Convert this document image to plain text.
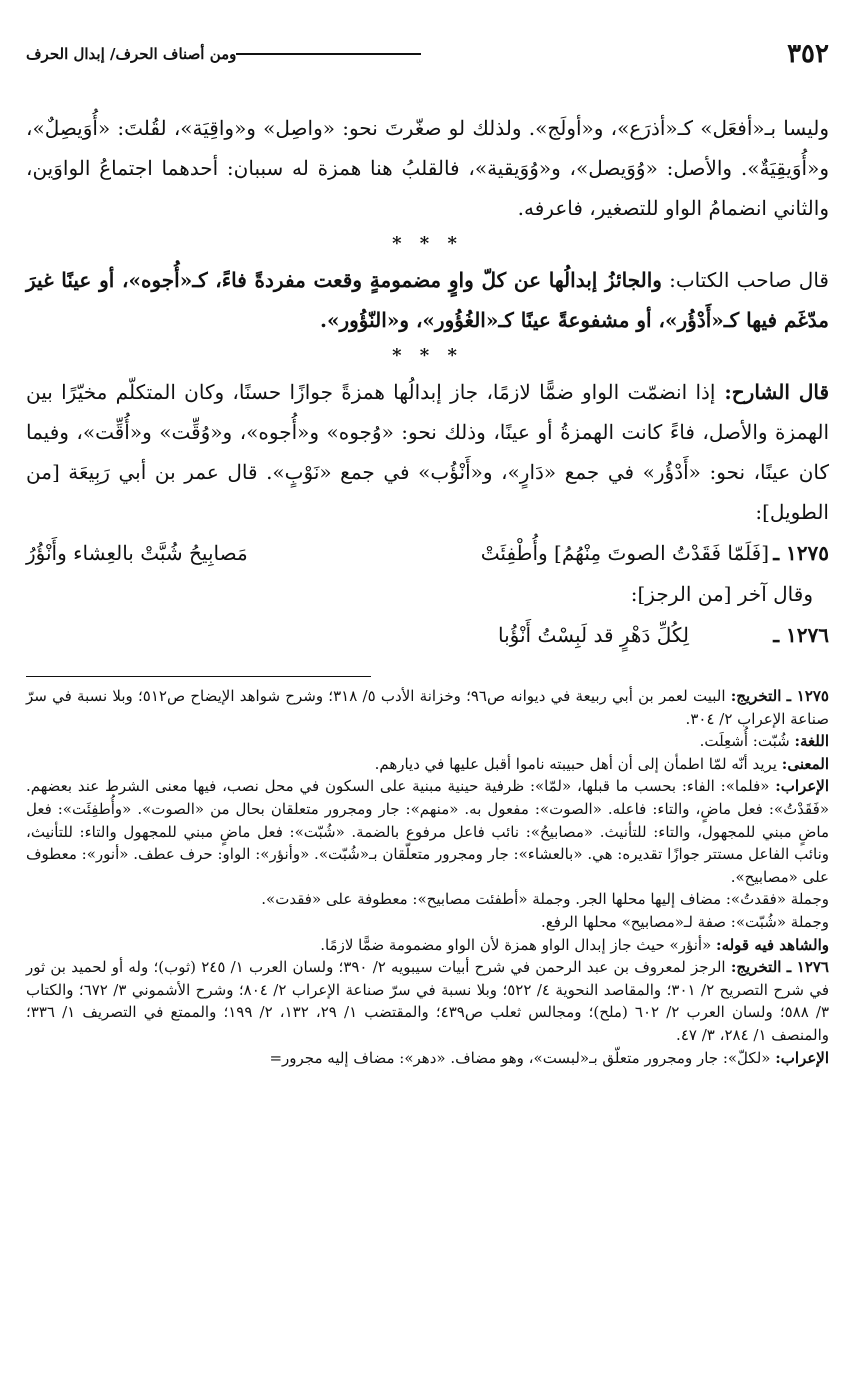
٣٥٢
ومن أصناف الحرف/ إبدال الحرف

وليسا بـ«أفعَل» كـ«أذرَع»، و«أولَج». ولذلك لو صغّرتَ نحو: «واصِل» و«واقِيَة»، لقُلتَ: «أُوَيصِلٌ»، و«أُوَيقِيَةٌ». والأصل: «وُوَيصل»، و«وُوَيقية»، فالقلبُ هنا همزة له سببان: أحدهما اجتماعُ الواوَين، والثاني انضمامُ الواو للتصغير، فاعرفه.

* * *

قال صاحب الكتاب: والجائزُ إبدالُها عن كلّ واوٍ مضمومةٍ وقعت مفردةً فاءً، كـ«أُجوه»، أو عينًا غيرَ مدّغَم فيها كـ«أَدْؤُر»، أو مشفوعةً عينًا كـ«الغُؤُور»، و«النّؤُور».

* * *

قال الشارح: إذا انضمّت الواو ضمًّا لازمًا، جاز إبدالُها همزةً جوازًا حسنًا، وكان المتكلّم مخيّرًا بين الهمزة والأصل، فاءً كانت الهمزةُ أو عينًا، وذلك نحو: «وُجوه» و«أُجوه»، و«وُقِّت» و«أُقِّت»، وفيما كان عينًا، نحو: «أَدْؤُر» في جمع «دَارٍ»، و«أَنْؤُب» في جمع «نَوْبٍ». قال عمر بن أبي رَبِيعَة [من الطويل]:

١٢٧٥ ـ
[فَلَمّا فَقَدْتُ الصوتَ مِنْهُمُ] وأُطْفِئَتْ
مَصابِيحُ شُبَّتْ بالعِشاء وأَنْؤُرُ

وقال آخر [من الرجز]:

١٢٧٦ ـ
لِكُلِّ دَهْرٍ قد لَبِسْتُ أَنْؤُبا

١٢٧٥ ـ التخريج: البيت لعمر بن أبي ربيعة في ديوانه ص٩٦؛ وخزانة الأدب ٥/ ٣١٨؛ وشرح شواهد الإيضاح ص٥١٢؛ وبلا نسبة في سرّ صناعة الإعراب ٢/ ٣٠٤.

اللغة: شُبّت: أُشعِلَت.

المعنى: يريد أنّه لمّا اطمأن إلى أن أهل حبيبته ناموا أقبل عليها في ديارهم.

الإعراب: «فلما»: الفاء: بحسب ما قبلها، «لمّا»: ظرفية حينية مبنية على السكون في محل نصب، فيها معنى الشرط عند بعضهم. «فَقَدْتُ»: فعل ماضٍ، والتاء: فاعله. «الصوت»: مفعول به. «منهم»: جار ومجرور متعلقان بحال من «الصوت». «وأُطفِئَت»: فعل ماضٍ مبني للمجهول، والتاء: للتأنيث. «مصابيحُ»: نائب فاعل مرفوع بالضمة. «شُبّت»: فعل ماضٍ مبني للمجهول والتاء: للتأنيث، ونائب الفاعل مستتر جوازًا تقديره: هي. «بالعشاء»: جار ومجرور متعلّقان بـ«شُبّت». «وأنؤر»: الواو: حرف عطف. «أنور»: معطوف على «مصابيح».

وجملة «فقدتُ»: مضاف إليها محلها الجر. وجملة «أطفئت مصابيح»: معطوفة على «فقدت».

وجملة «شُبّت»: صفة لـ«مصابيح» محلها الرفع.

والشاهد فيه قوله: «أنؤر» حيث جاز إبدال الواو همزة لأن الواو مضمومة ضمًّا لازمًا.

١٢٧٦ ـ التخريج: الرجز لمعروف بن عبد الرحمن في شرح أبيات سيبويه ٢/ ٣٩٠؛ ولسان العرب ١/ ٢٤٥ (ثوب)؛ وله أو لحميد بن ثور في شرح التصريح ٢/ ٣٠١؛ والمقاصد النحوية ٤/ ٥٢٢؛ وبلا نسبة في سرّ صناعة الإعراب ٢/ ٨٠٤؛ وشرح الأشموني ٣/ ٦٧٢؛ والكتاب ٣/ ٥٨٨؛ ولسان العرب ٢/ ٦٠٢ (ملح)؛ ومجالس ثعلب ص٤٣٩؛ والمقتضب ١/ ٢٩، ١٣٢، ٢/ ١٩٩؛ والممتع في التصريف ١/ ٣٣٦؛ والمنصف ١/ ٢٨٤، ٣/ ٤٧.

الإعراب: «لكلّ»: جار ومجرور متعلّق بـ«لبست»، وهو مضاف. «دهر»: مضاف إليه مجرور=
